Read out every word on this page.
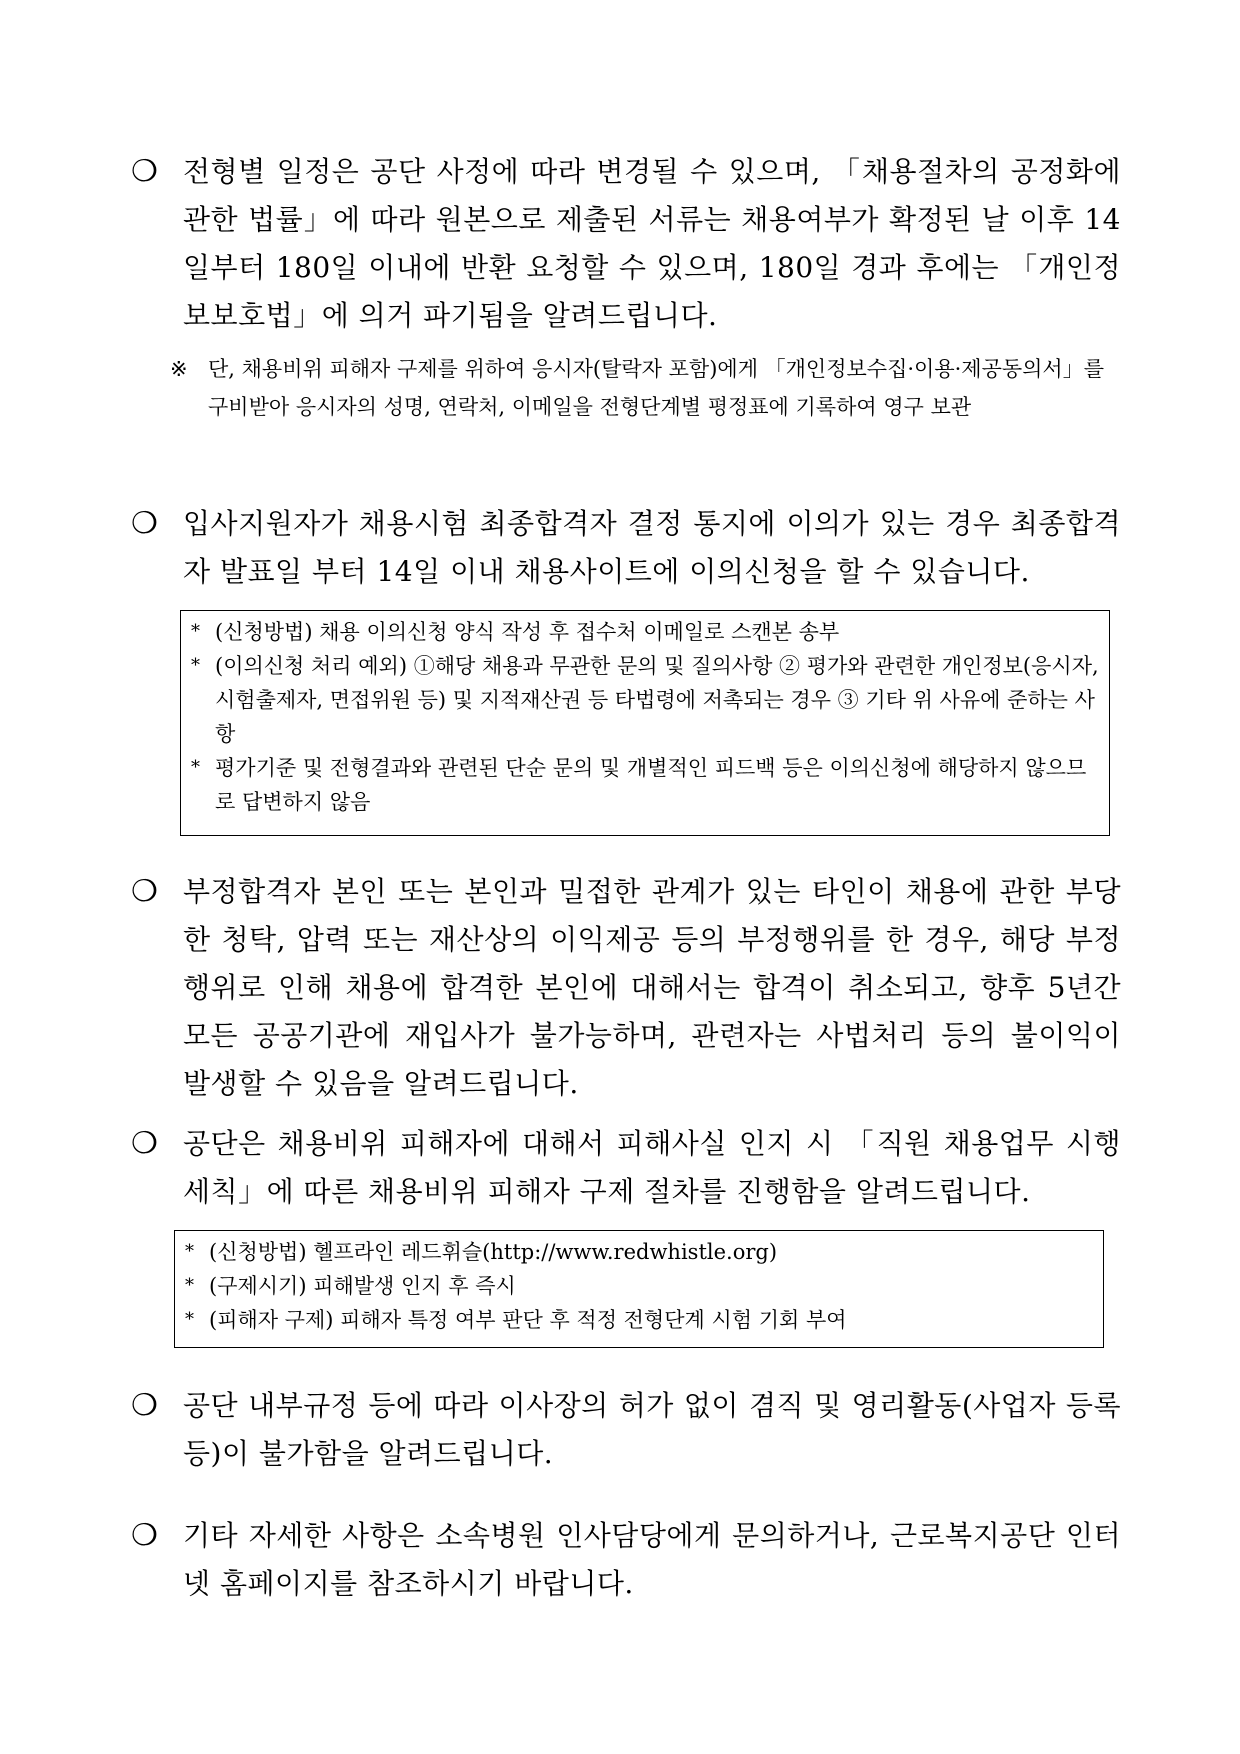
❍ 전형별 일정은 공단 사정에 따라 변경될 수 있으며, 「채용절차의 공정화에 관한 법률」에 따라 원본으로 제출된 서류는 채용여부가 확정된 날 이후 14일부터 180일 이내에 반환 요청할 수 있으며, 180일 경과 후에는 「개인정보보호법」에 의거 파기됨을 알려드립니다.
※ 단, 채용비위 피해자 구제를 위하여 응시자(탈락자 포함)에게 「개인정보수집·이용·제공동의서」를 구비받아 응시자의 성명, 연락처, 이메일을 전형단계별 평정표에 기록하여 영구 보관
❍ 입사지원자가 채용시험 최종합격자 결정 통지에 이의가 있는 경우 최종합격자 발표일 부터 14일 이내 채용사이트에 이의신청을 할 수 있습니다.
* (신청방법) 채용 이의신청 양식 작성 후 접수처 이메일로 스캔본 송부
* (이의신청 처리 예외) ①해당 채용과 무관한 문의 및 질의사항 ② 평가와 관련한 개인정보(응시자, 시험출제자, 면접위원 등) 및 지적재산권 등 타법령에 저촉되는 경우 ③ 기타 위 사유에 준하는 사항
* 평가기준 및 전형결과와 관련된 단순 문의 및 개별적인 피드백 등은 이의신청에 해당하지 않으므로 답변하지 않음
❍ 부정합격자 본인 또는 본인과 밀접한 관계가 있는 타인이 채용에 관한 부당한 청탁, 압력 또는 재산상의 이익제공 등의 부정행위를 한 경우, 해당 부정행위로 인해 채용에 합격한 본인에 대해서는 합격이 취소되고, 향후 5년간 모든 공공기관에 재입사가 불가능하며, 관련자는 사법처리 등의 불이익이 발생할 수 있음을 알려드립니다.
❍ 공단은 채용비위 피해자에 대해서 피해사실 인지 시 「직원 채용업무 시행세칙」에 따른 채용비위 피해자 구제 절차를 진행함을 알려드립니다.
* (신청방법) 헬프라인 레드휘슬(http://www.redwhistle.org)
* (구제시기) 피해발생 인지 후 즉시
* (피해자 구제) 피해자 특정 여부 판단 후 적정 전형단계 시험 기회 부여
❍ 공단 내부규정 등에 따라 이사장의 허가 없이 겸직 및 영리활동(사업자 등록 등)이 불가함을 알려드립니다.
❍ 기타 자세한 사항은 소속병원 인사담당에게 문의하거나, 근로복지공단 인터넷 홈페이지를 참조하시기 바랍니다.
